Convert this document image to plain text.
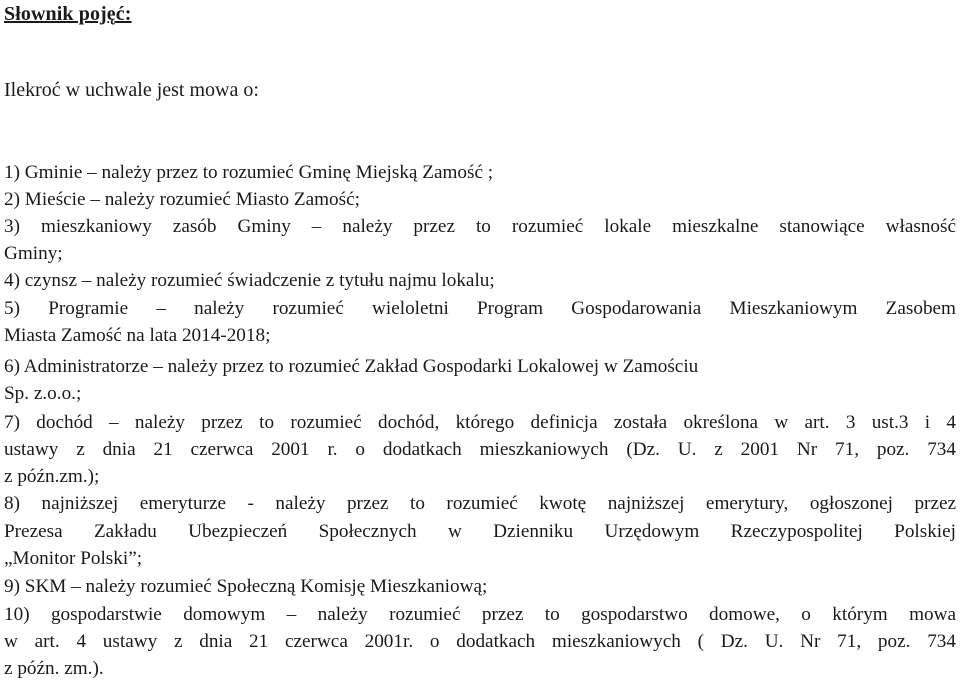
Słownik pojęć:
Ilekroć w uchwale jest mowa o:
1) Gminie – należy przez to rozumieć Gminę Miejską Zamość ;
2) Mieście – należy rozumieć Miasto Zamość;
3) mieszkaniowy zasób Gminy – należy przez to rozumieć lokale mieszkalne stanowiące własność
Gminy;
4) czynsz – należy rozumieć świadczenie z tytułu najmu lokalu;
5) Programie – należy rozumieć wieloletni Program Gospodarowania Mieszkaniowym Zasobem
Miasta Zamość na lata 2014-2018;
6) Administratorze – należy przez to rozumieć Zakład Gospodarki Lokalowej w Zamościu
Sp. z.o.o.;
7) dochód – należy przez to rozumieć dochód, którego definicja została określona w art. 3 ust.3 i 4
ustawy z dnia 21 czerwca 2001 r. o dodatkach mieszkaniowych (Dz. U. z 2001 Nr 71, poz. 734
z późn.zm.);
8) najniższej emeryturze - należy przez to rozumieć kwotę najniższej emerytury, ogłoszonej przez
Prezesa Zakładu Ubezpieczeń Społecznych w Dzienniku Urzędowym Rzeczypospolitej Polskiej
„Monitor Polski”;
9) SKM – należy rozumieć Społeczną Komisję Mieszkaniową;
10) gospodarstwie domowym – należy rozumieć przez to gospodarstwo domowe, o którym mowa
w art. 4 ustawy z dnia 21 czerwca 2001r. o dodatkach mieszkaniowych ( Dz. U. Nr 71, poz. 734
z późn. zm.).
